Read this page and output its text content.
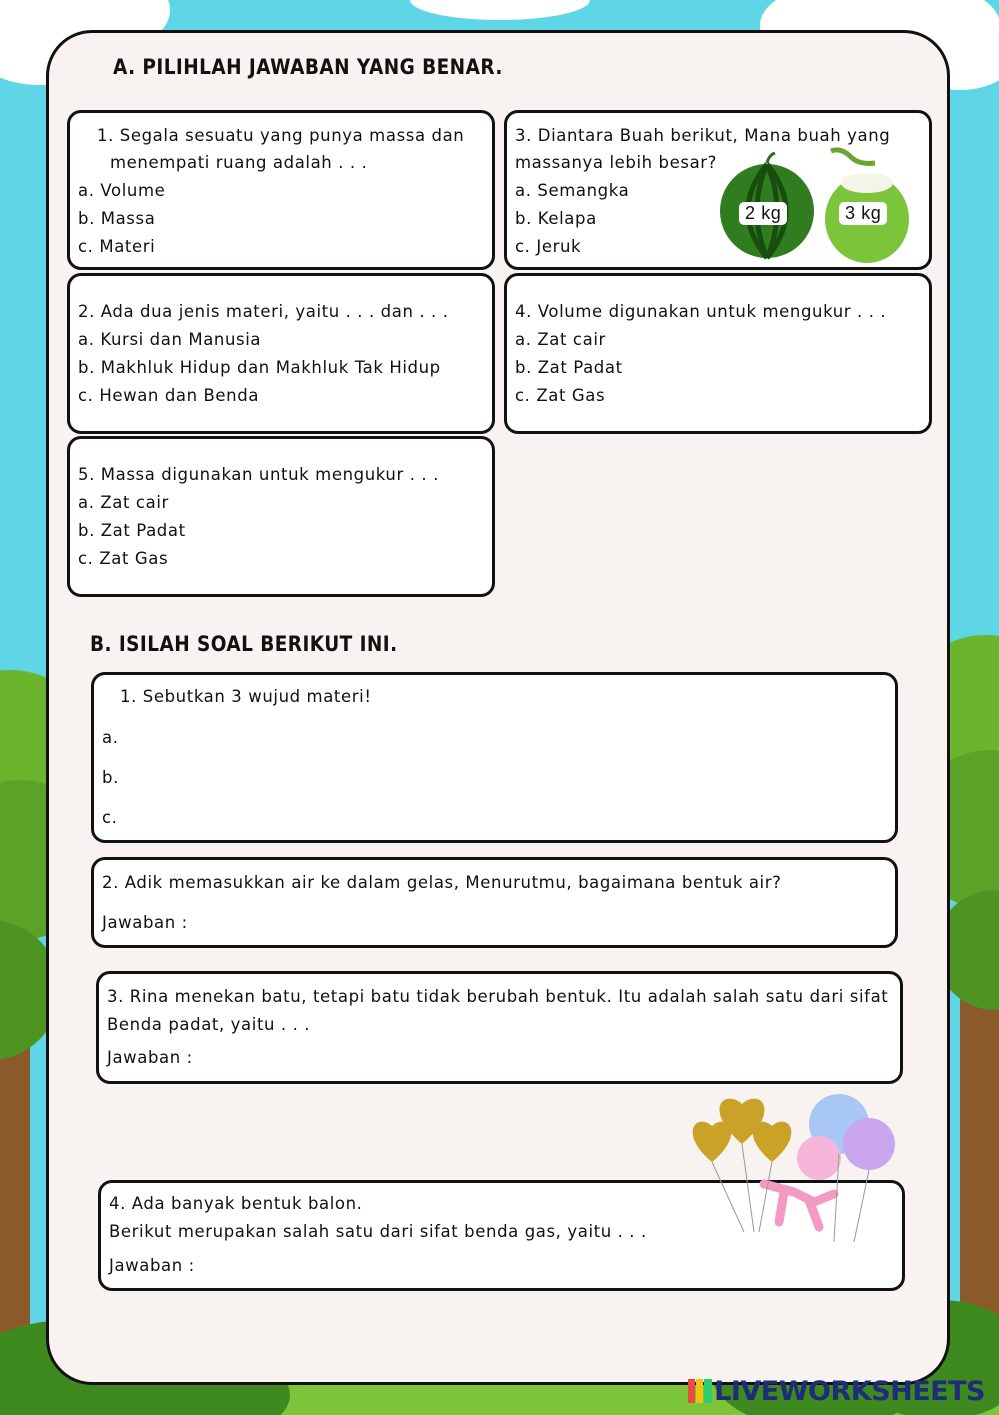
A. PILIHLAH JAWABAN YANG BENAR.
1. Segala sesuatu yang punya massa dan
menempati ruang adalah . . .
a. Volume
b. Massa
c. Materi
3. Diantara Buah berikut, Mana buah yang
massanya lebih besar?
a. Semangka
b. Kelapa
c. Jeruk
2 kg	3 kg
2. Ada dua jenis materi, yaitu . . . dan . . .
a. Kursi dan Manusia
b. Makhluk Hidup dan Makhluk Tak Hidup
c. Hewan dan Benda
4. Volume digunakan untuk mengukur . . .
a. Zat cair
b. Zat Padat
c. Zat Gas
5. Massa digunakan untuk mengukur . . .
a. Zat cair
b. Zat Padat
c. Zat Gas
B. ISILAH SOAL BERIKUT INI.
1. Sebutkan 3 wujud materi!
a.
b.
c.
2. Adik memasukkan air ke dalam gelas, Menurutmu, bagaimana bentuk air?
Jawaban :
3. Rina menekan batu, tetapi batu tidak berubah bentuk. Itu adalah salah satu dari sifat
Benda padat, yaitu . . .
Jawaban :
4. Ada banyak bentuk balon.
Berikut merupakan salah satu dari sifat benda gas, yaitu . . .
Jawaban :
LIVEWORKSHEETS
